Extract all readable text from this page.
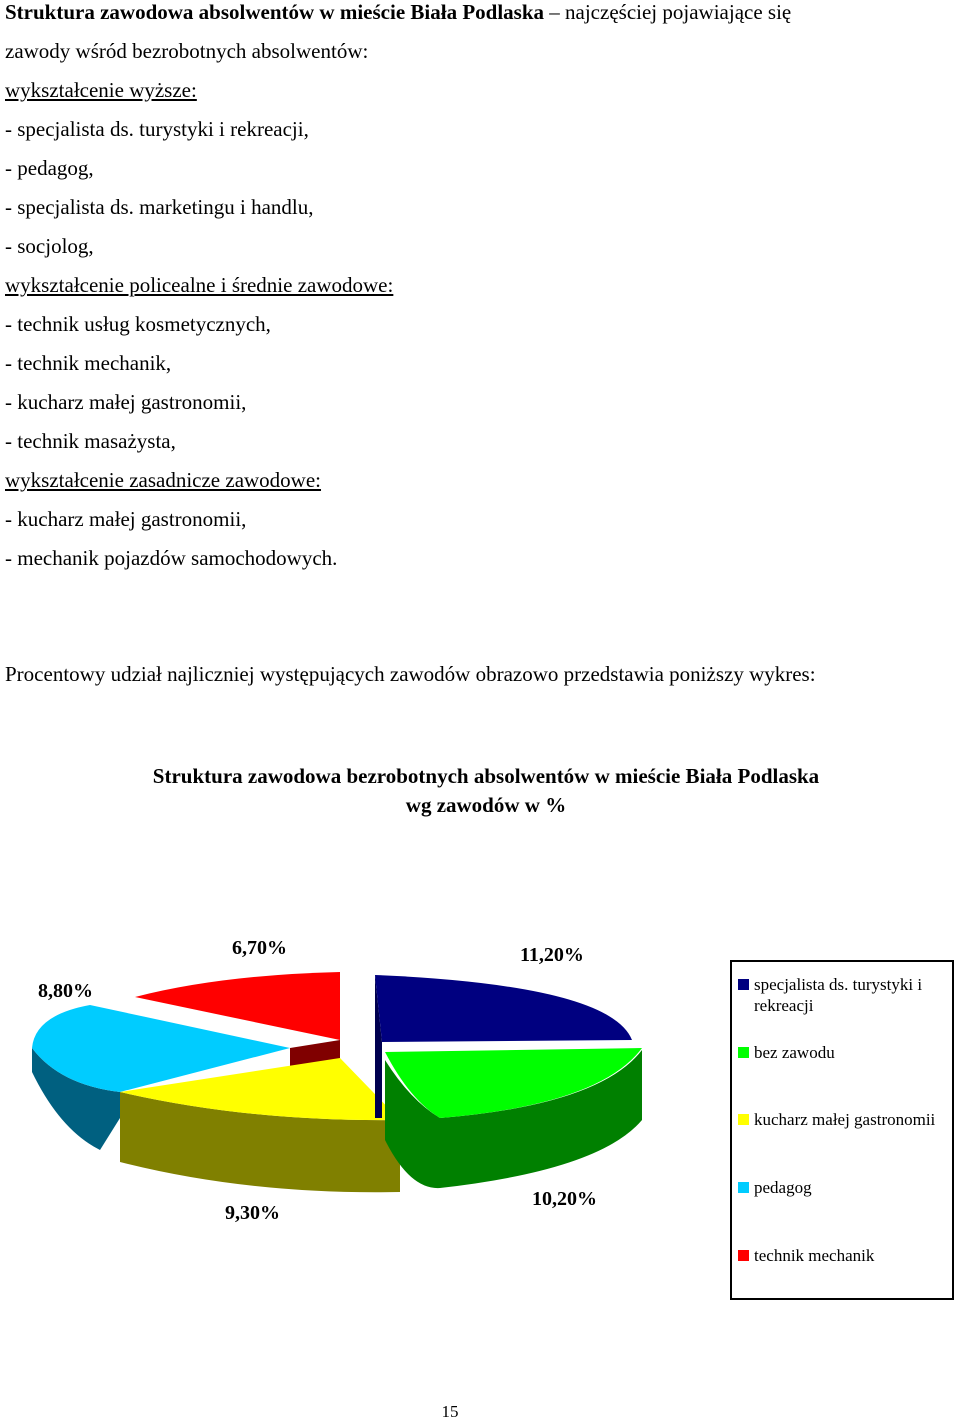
Struktura zawodowa absolwentów w mieście Biała Podlaska – najczęściej pojawiające się
zawody wśród bezrobotnych absolwentów:
wykształcenie wyższe:
- specjalista ds. turystyki i rekreacji,
- pedagog,
- specjalista ds. marketingu i handlu,
- socjolog,
wykształcenie policealne i średnie zawodowe:
- technik usług kosmetycznych,
- technik mechanik,
- kucharz małej gastronomii,
- technik masażysta,
wykształcenie zasadnicze zawodowe:
- kucharz małej gastronomii,
- mechanik pojazdów samochodowych.
Procentowy udział najliczniej występujących zawodów obrazowo przedstawia poniższy wykres:
Struktura zawodowa bezrobotnych absolwentów w mieście Biała Podlaska
wg zawodów w %
6,70%	11,20%
8,80%
9,30%
10,20%
specjalista ds. turystyki i rekreacji
bez zawodu
kucharz małej gastronomii
pedagog
technik mechanik
15
